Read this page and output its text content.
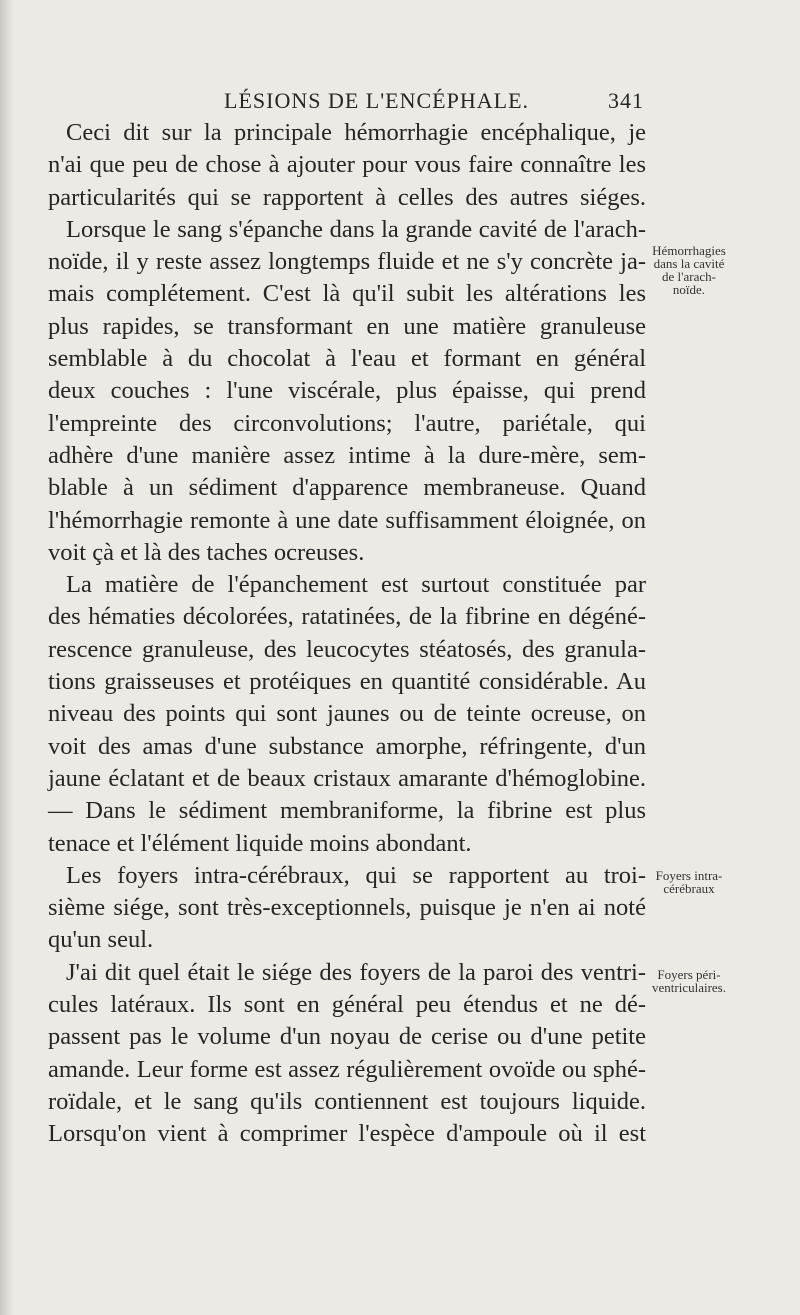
LÉSIONS DE L'ENCÉPHALE.	341
Ceci dit sur la principale hémorrhagie encéphalique, je
n'ai que peu de chose à ajouter pour vous faire connaître les
particularités qui se rapportent à celles des autres siéges.
Lorsque le sang s'épanche dans la grande cavité de l'arach-
noïde, il y reste assez longtemps fluide et ne s'y concrète ja-
mais complétement. C'est là qu'il subit les altérations les
plus rapides, se transformant en une matière granuleuse
semblable à du chocolat à l'eau et formant en général
deux couches : l'une viscérale, plus épaisse, qui prend
l'empreinte des circonvolutions; l'autre, pariétale, qui
adhère d'une manière assez intime à la dure-mère, sem-
blable à un sédiment d'apparence membraneuse. Quand
l'hémorrhagie remonte à une date suffisamment éloignée, on
voit çà et là des taches ocreuses.
La matière de l'épanchement est surtout constituée par
des hématies décolorées, ratatinées, de la fibrine en dégéné-
rescence granuleuse, des leucocytes stéatosés, des granula-
tions graisseuses et protéiques en quantité considérable. Au
niveau des points qui sont jaunes ou de teinte ocreuse, on
voit des amas d'une substance amorphe, réfringente, d'un
jaune éclatant et de beaux cristaux amarante d'hémoglobine.
— Dans le sédiment membraniforme, la fibrine est plus
tenace et l'élément liquide moins abondant.
Les foyers intra-cérébraux, qui se rapportent au troi-
sième siége, sont très-exceptionnels, puisque je n'en ai noté
qu'un seul.
J'ai dit quel était le siége des foyers de la paroi des ventri-
cules latéraux. Ils sont en général peu étendus et ne dé-
passent pas le volume d'un noyau de cerise ou d'une petite
amande. Leur forme est assez régulièrement ovoïde ou sphé-
roïdale, et le sang qu'ils contiennent est toujours liquide.
Lorsqu'on vient à comprimer l'espèce d'ampoule où il est
Hémorrhagies
dans la cavité
de l'arach-
noïde.
Foyers intra-
cérébraux
Foyers péri-
ventriculaires.
